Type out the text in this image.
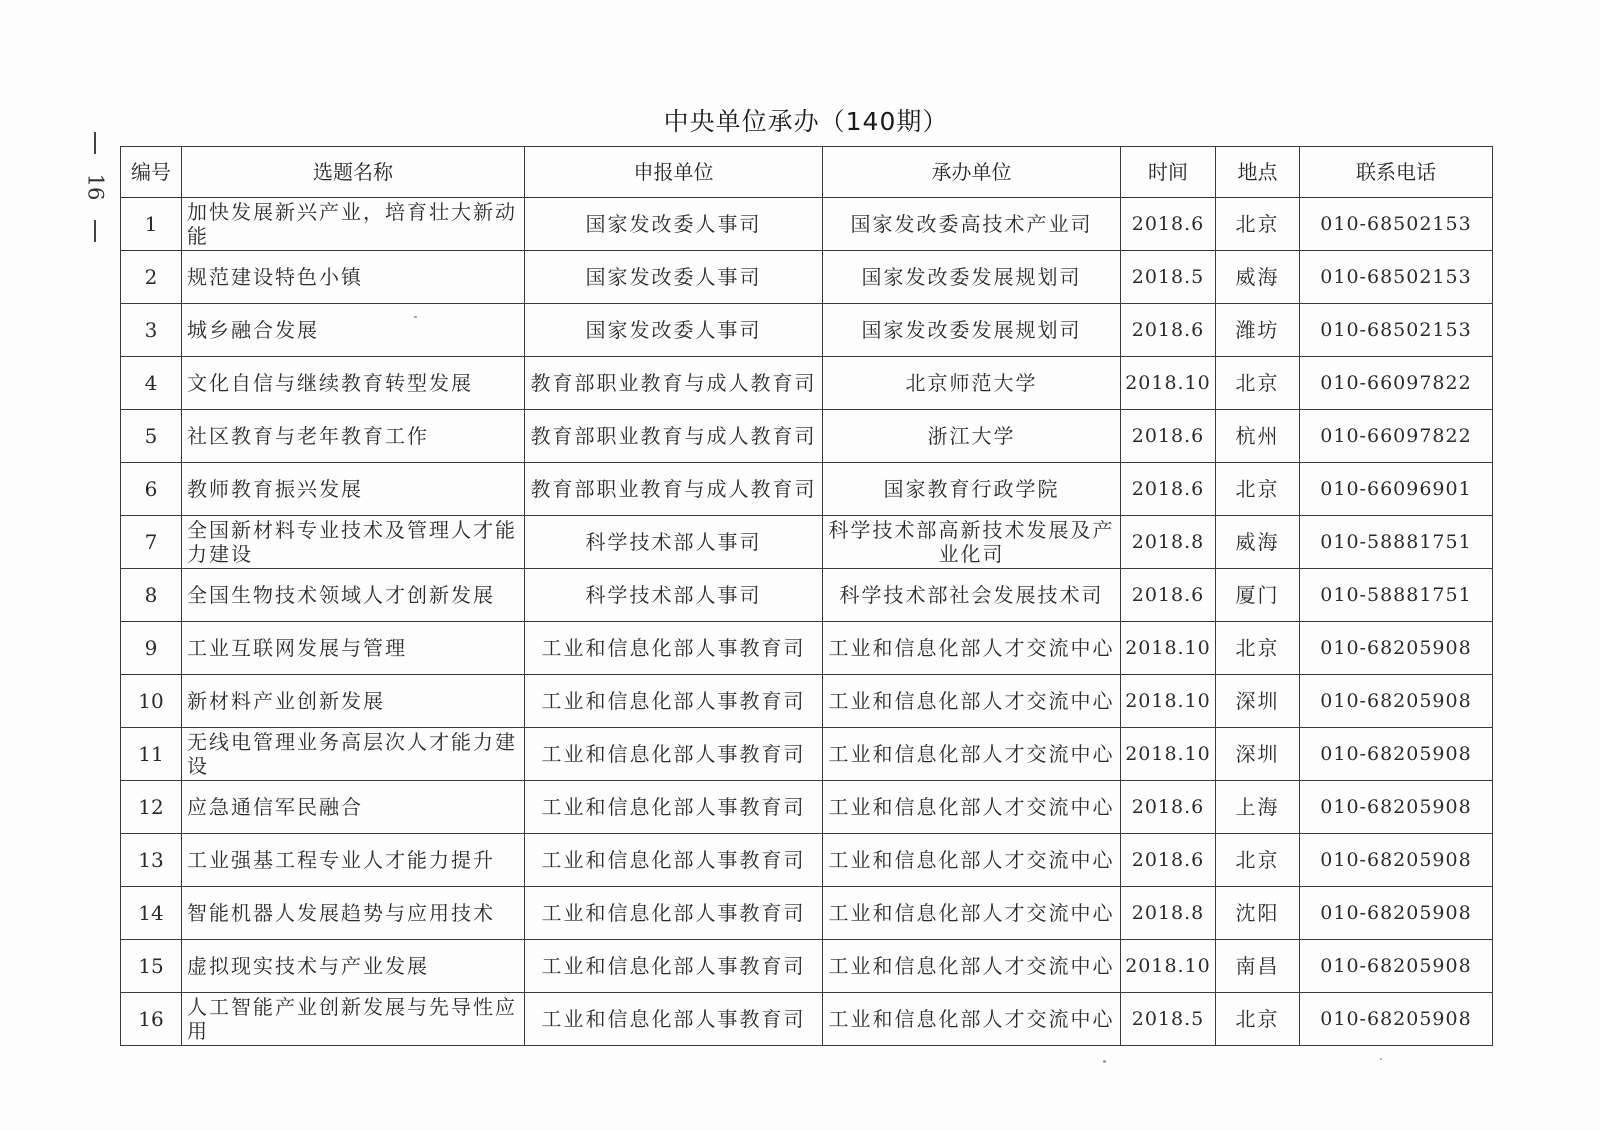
中央单位承办（140期）
16
编号	选题名称	申报单位	承办单位	时间	地点	联系电话
1	加快发展新兴产业，培育壮大新动能	国家发改委人事司	国家发改委高技术产业司	2018.6	北京	010-68502153
2	规范建设特色小镇	国家发改委人事司	国家发改委发展规划司	2018.5	威海	010-68502153
3	城乡融合发展	国家发改委人事司	国家发改委发展规划司	2018.6	潍坊	010-68502153
4	文化自信与继续教育转型发展	教育部职业教育与成人教育司	北京师范大学	2018.10	北京	010-66097822
5	社区教育与老年教育工作	教育部职业教育与成人教育司	浙江大学	2018.6	杭州	010-66097822
6	教师教育振兴发展	教育部职业教育与成人教育司	国家教育行政学院	2018.6	北京	010-66096901
7	全国新材料专业技术及管理人才能力建设	科学技术部人事司	科学技术部高新技术发展及产业化司	2018.8	威海	010-58881751
8	全国生物技术领域人才创新发展	科学技术部人事司	科学技术部社会发展技术司	2018.6	厦门	010-58881751
9	工业互联网发展与管理	工业和信息化部人事教育司	工业和信息化部人才交流中心	2018.10	北京	010-68205908
10	新材料产业创新发展	工业和信息化部人事教育司	工业和信息化部人才交流中心	2018.10	深圳	010-68205908
11	无线电管理业务高层次人才能力建设	工业和信息化部人事教育司	工业和信息化部人才交流中心	2018.10	深圳	010-68205908
12	应急通信军民融合	工业和信息化部人事教育司	工业和信息化部人才交流中心	2018.6	上海	010-68205908
13	工业强基工程专业人才能力提升	工业和信息化部人事教育司	工业和信息化部人才交流中心	2018.6	北京	010-68205908
14	智能机器人发展趋势与应用技术	工业和信息化部人事教育司	工业和信息化部人才交流中心	2018.8	沈阳	010-68205908
15	虚拟现实技术与产业发展	工业和信息化部人事教育司	工业和信息化部人才交流中心	2018.10	南昌	010-68205908
16	人工智能产业创新发展与先导性应用	工业和信息化部人事教育司	工业和信息化部人才交流中心	2018.5	北京	010-68205908
